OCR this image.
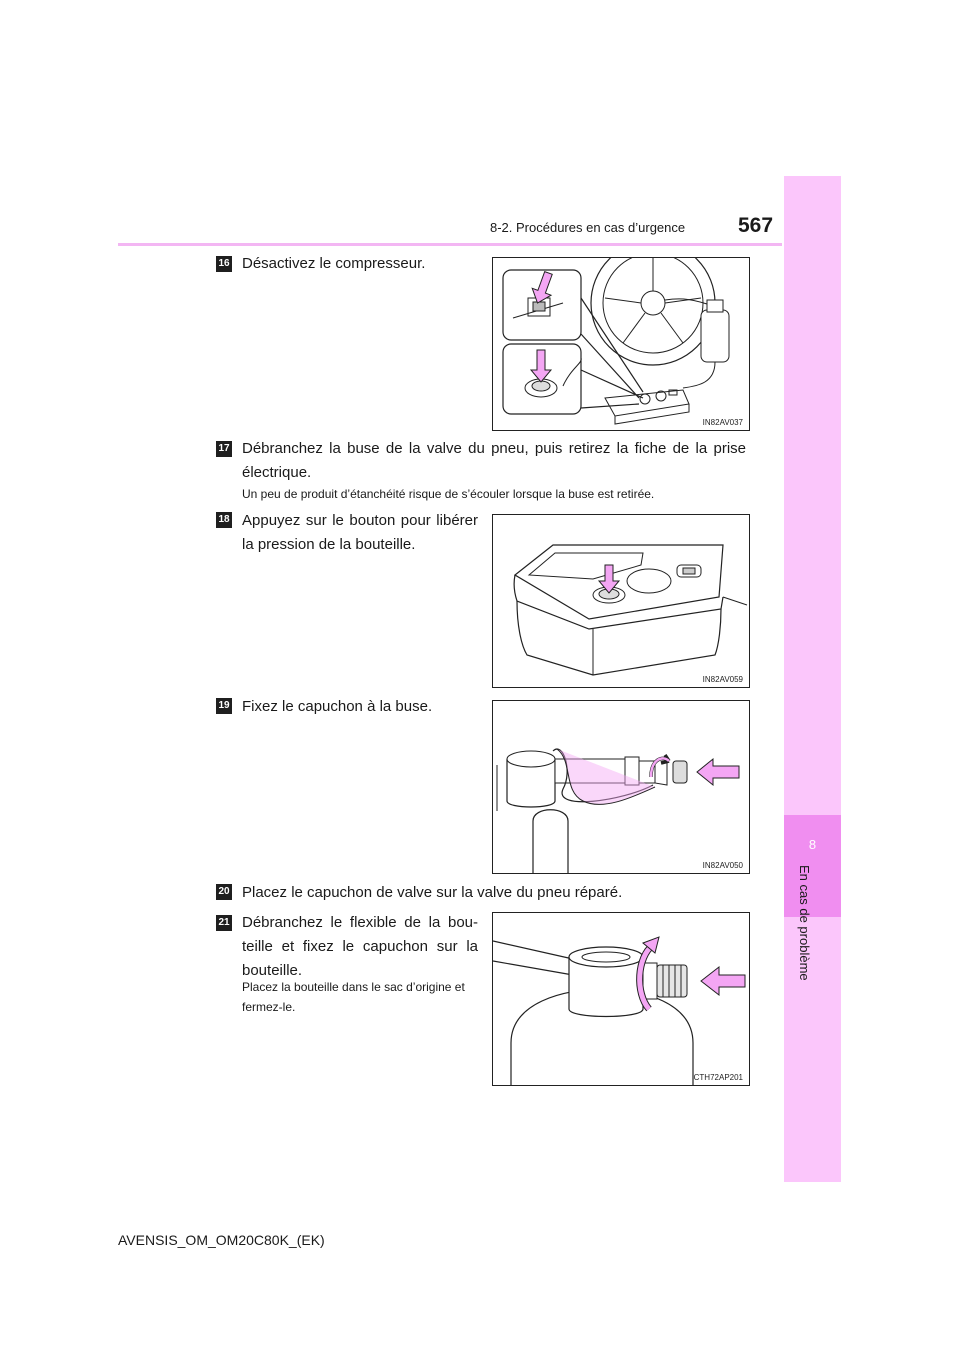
8-2. Procédures en cas d’urgence	567
8
En cas de problème
16 Désactivez le compresseur.
IN82AV037
17 Débranchez la buse de la valve du pneu, puis retirez la fiche de la prise électrique.
Un peu de produit d’étanchéité risque de s’écouler lorsque la buse est retirée.
18 Appuyez sur le bouton pour libérer la pression de la bouteille.
IN82AV059
19 Fixez le capuchon à la buse.
IN82AV050
20 Placez le capuchon de valve sur la valve du pneu réparé.
21 Débranchez le flexible de la bou-teille et fixez le capuchon sur la bouteille.
Placez la bouteille dans le sac d’origine et fermez-le.
CTH72AP201
AVENSIS_OM_OM20C80K_(EK)
